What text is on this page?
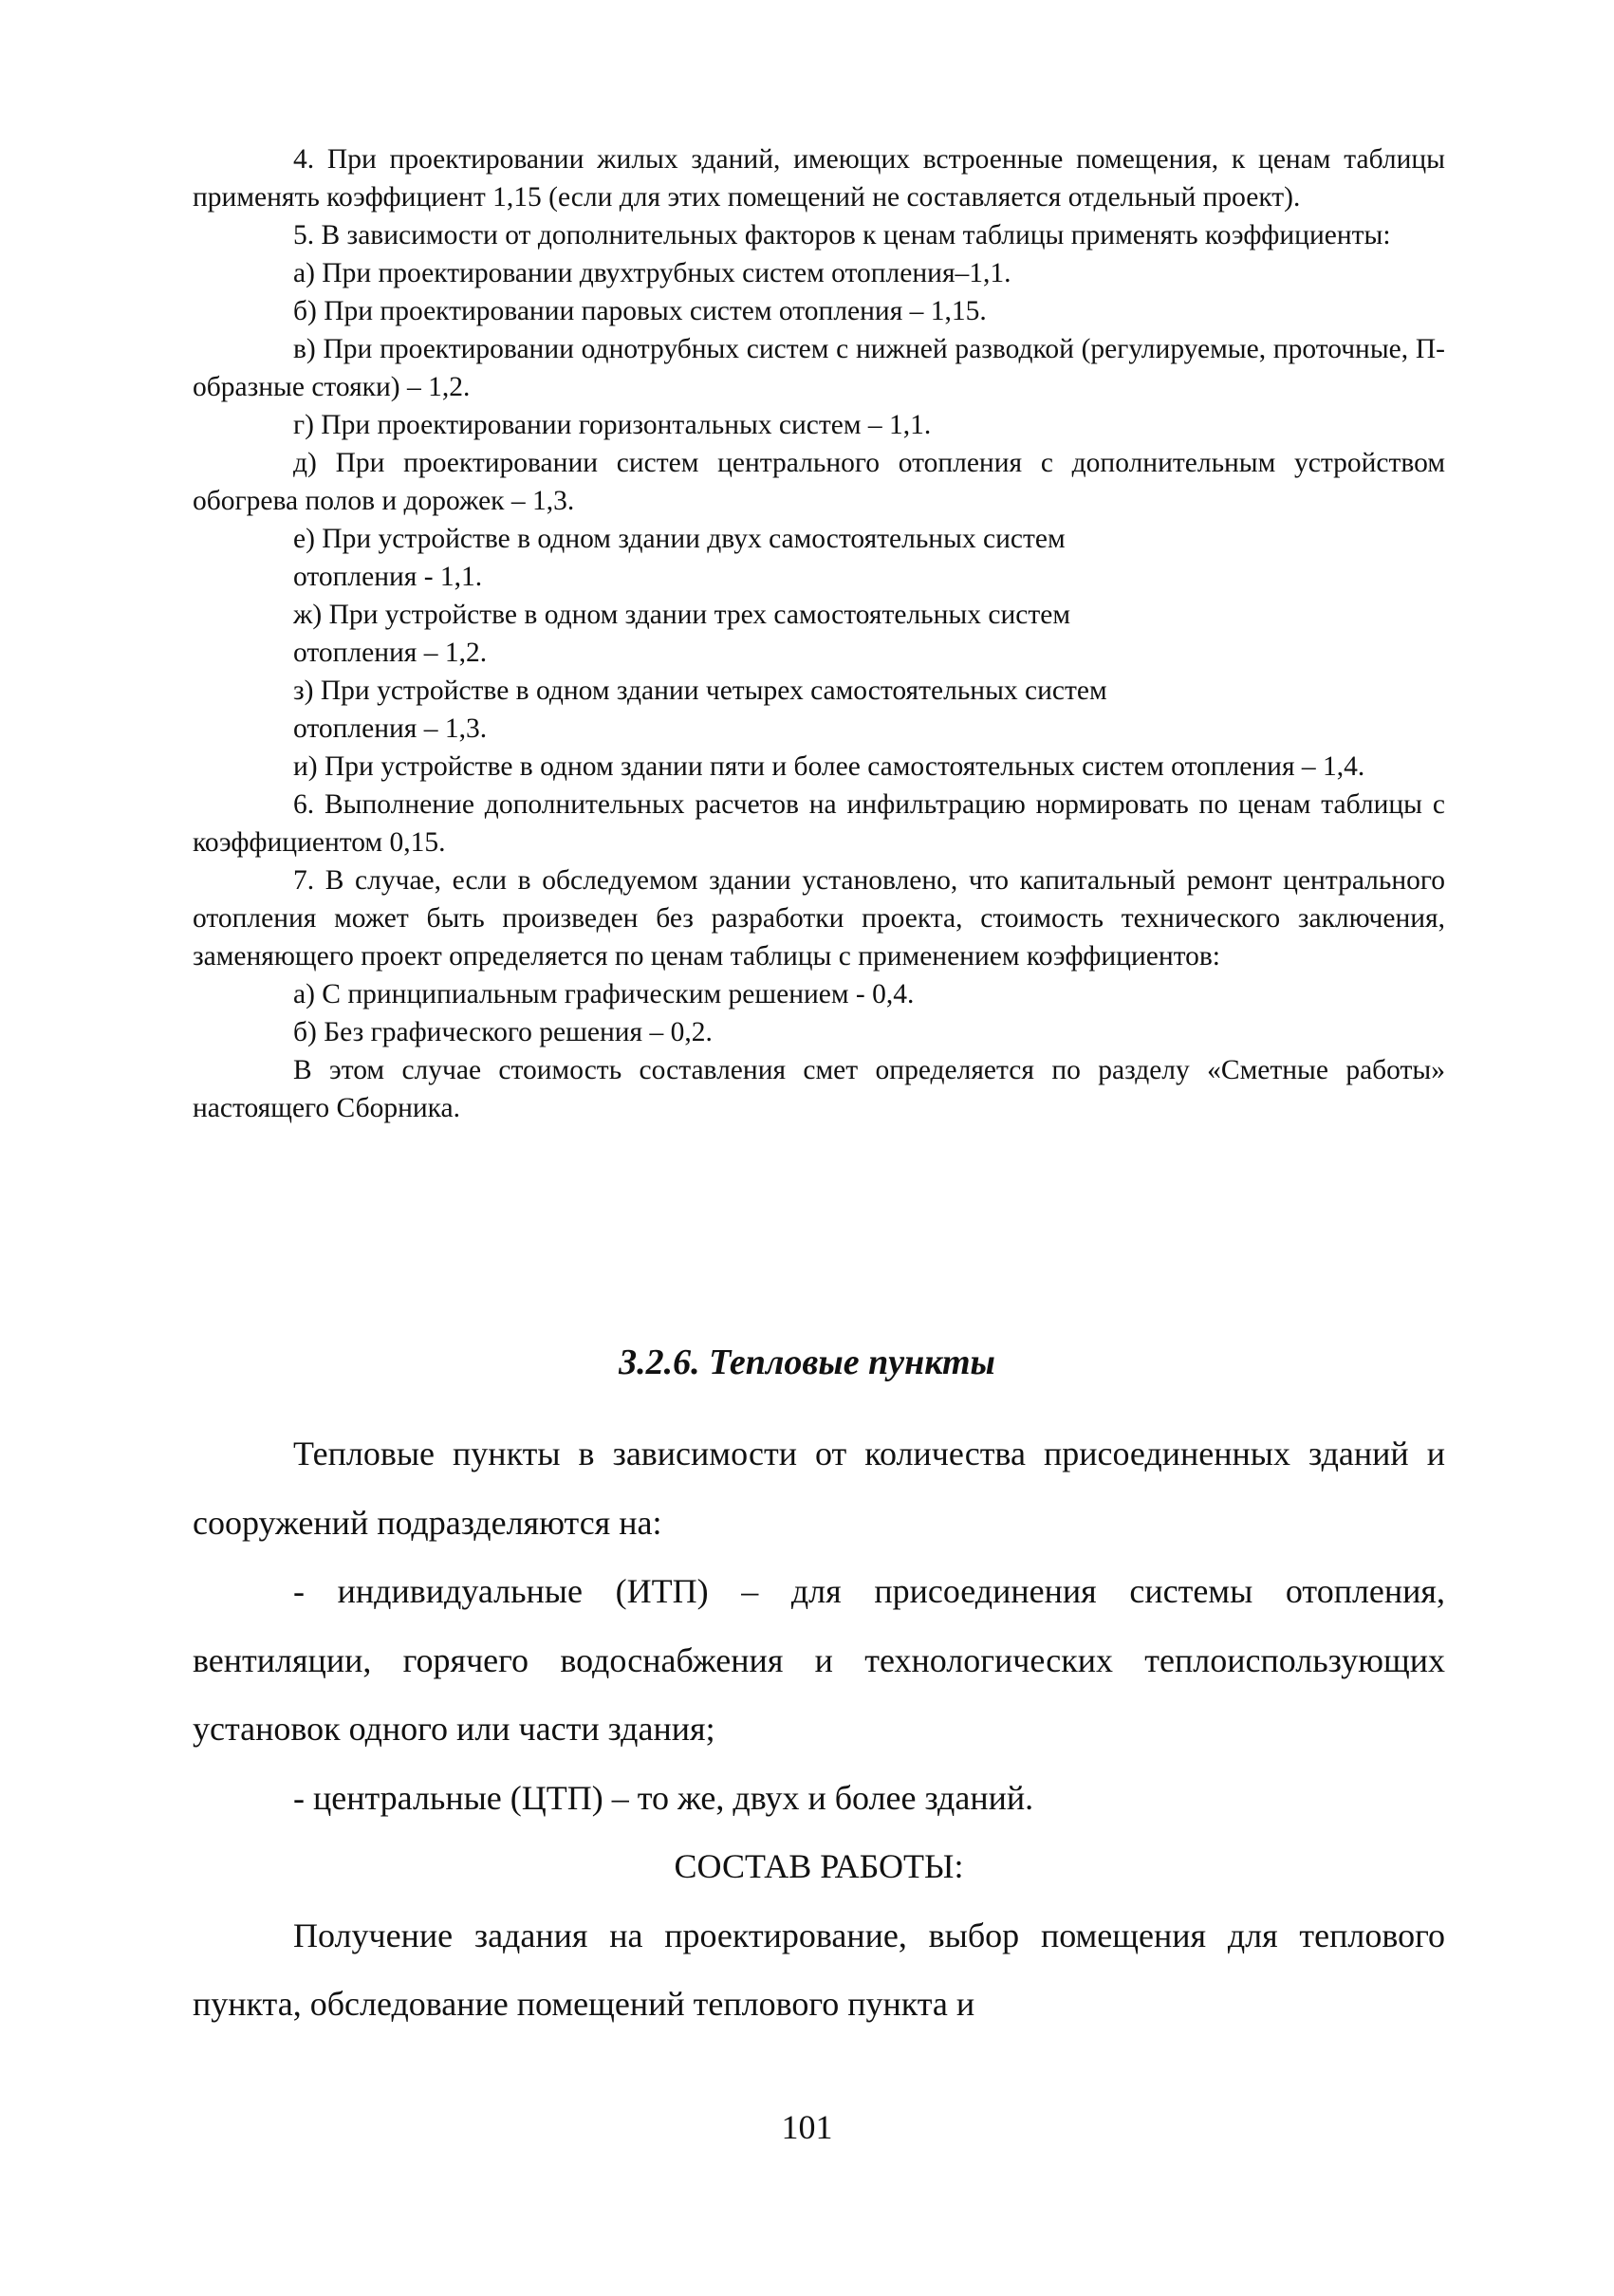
4. При проектировании жилых зданий, имеющих встроенные помещения, к ценам таблицы применять коэффициент 1,15 (если для этих помещений не составляется отдельный проект).

5. В зависимости от дополнительных факторов к ценам таблицы применять коэффициенты:

а) При проектировании двухтрубных систем отопления–1,1.

б) При проектировании паровых систем отопления – 1,15.

в) При проектировании однотрубных систем с нижней разводкой (регулируемые, проточные, П- образные стояки) – 1,2.

г) При проектировании горизонтальных систем – 1,1.

д) При проектировании систем центрального отопления с дополнительным устройством обогрева полов и дорожек – 1,3.

е) При устройстве в одном здании двух самостоятельных систем

отопления - 1,1.

ж) При устройстве в одном здании трех самостоятельных систем

отопления – 1,2.

з) При устройстве в одном здании четырех самостоятельных систем

отопления – 1,3.

и) При устройстве в одном здании пяти и более самостоятельных систем отопления – 1,4.

6. Выполнение дополнительных расчетов на инфильтрацию нормировать по ценам таблицы с коэффициентом 0,15.

7. В случае, если в обследуемом здании установлено, что капитальный ремонт центрального отопления может быть произведен без разработки проекта, стоимость технического заключения, заменяющего проект определяется по ценам таблицы с применением коэффициентов:

а) С принципиальным графическим решением - 0,4.

б) Без графического решения – 0,2.

В этом случае стоимость составления смет определяется по разделу «Сметные работы» настоящего Сборника.

3.2.6. Тепловые пункты

Тепловые пункты в зависимости от количества присоединенных зданий и сооружений подразделяются на:

- индивидуальные (ИТП) – для присоединения системы отопления, вентиляции, горячего водоснабжения и технологических теплоиспользующих установок одного или части здания;

- центральные (ЦТП) – то же, двух и более зданий.

СОСТАВ РАБОТЫ:

Получение задания на проектирование, выбор помещения для теплового пункта, обследование помещений теплового пункта и

101
